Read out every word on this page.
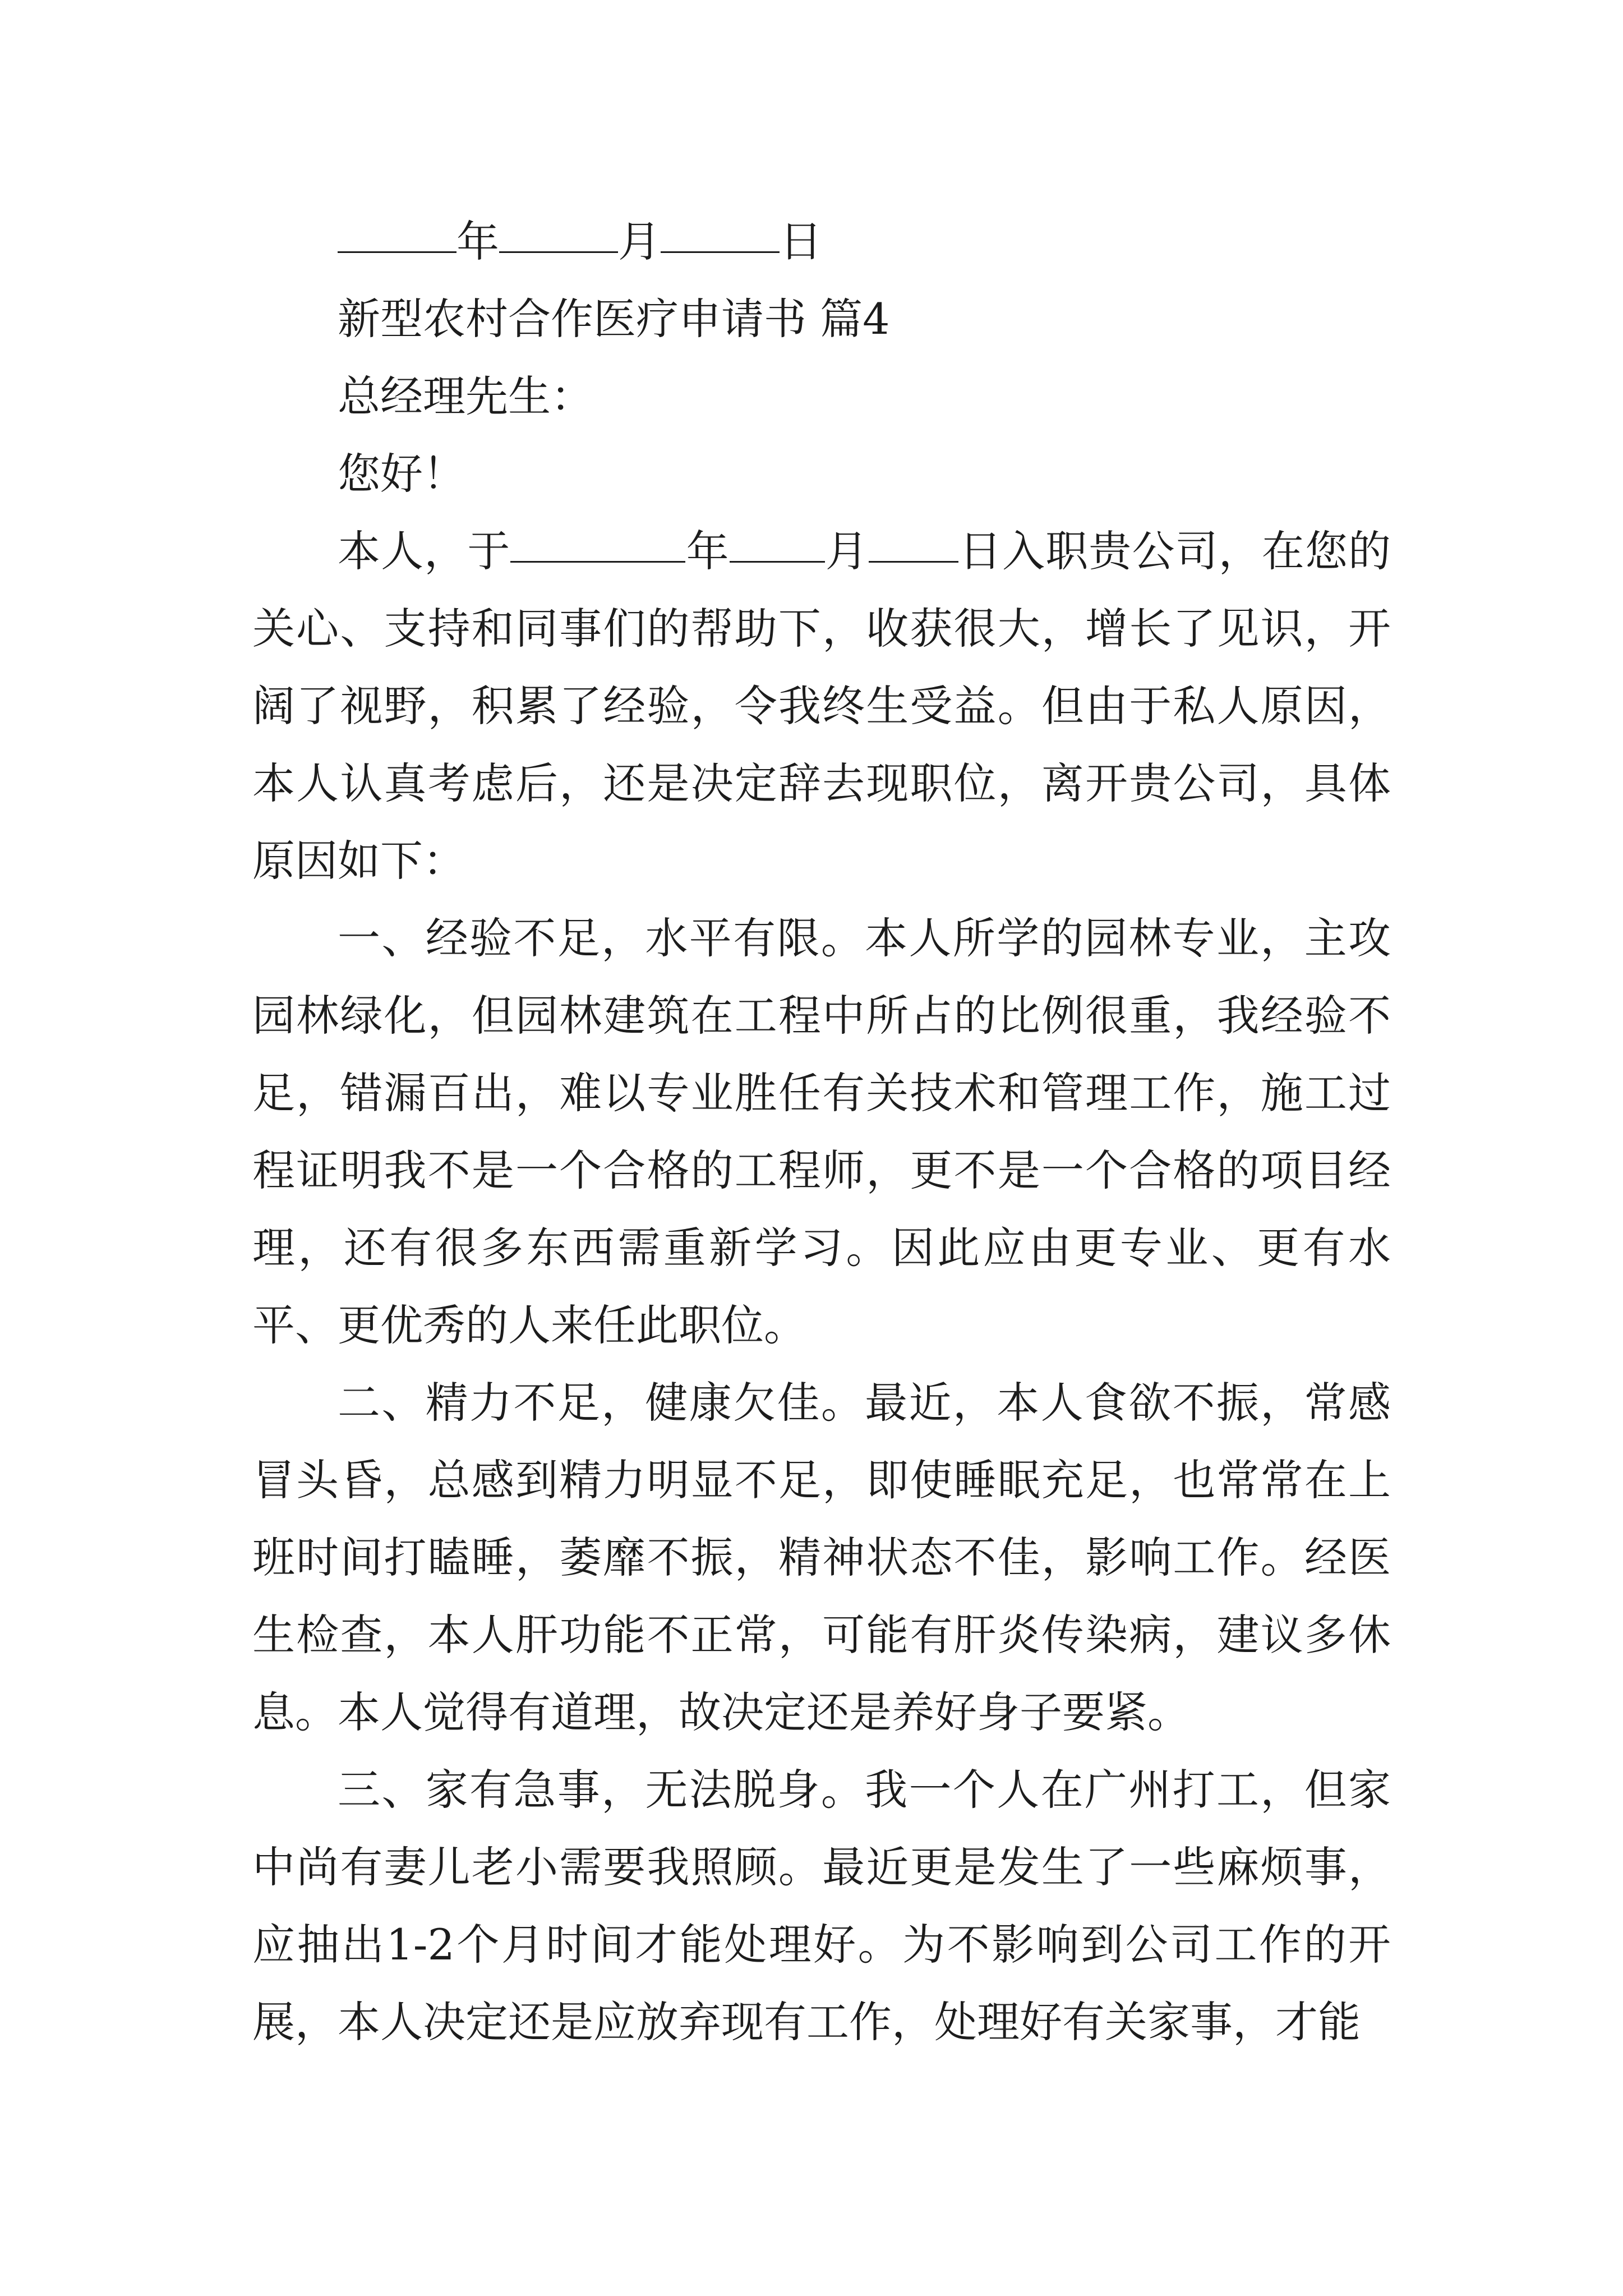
年	月	日
新型农村合作医疗申请书 篇4
总经理先生：
您好！

本人，于	年 月 日入职贵公司，在您的关心、支持和同事们的帮助下，收获很大，增长了见识，开阔了视野，积累了经验，令我终生受益。但由于私人原因，本人认真考虑后，还是决定辞去现职位，离开贵公司，具体原因如下：

一、经验不足，水平有限。本人所学的园林专业，主攻园林绿化，但园林建筑在工程中所占的比例很重，我经验不足，错漏百出，难以专业胜任有关技术和管理工作，施工过程证明我不是一个合格的工程师，更不是一个合格的项目经理，还有很多东西需重新学习。因此应由更专业、更有水平、更优秀的人来任此职位。

二、精力不足，健康欠佳。最近，本人食欲不振，常感冒头昏，总感到精力明显不足，即使睡眠充足，也常常在上班时间打瞌睡，萎靡不振，精神状态不佳，影响工作。经医生检查，本人肝功能不正常，可能有肝炎传染病，建议多休息。本人觉得有道理，故决定还是养好身子要紧。

三、家有急事，无法脱身。我一个人在广州打工，但家中尚有妻儿老小需要我照顾。最近更是发生了一些麻烦事，应抽出1-2个月时间才能处理好。为不影响到公司工作的开展，本人决定还是应放弃现有工作，处理好有关家事，才能
